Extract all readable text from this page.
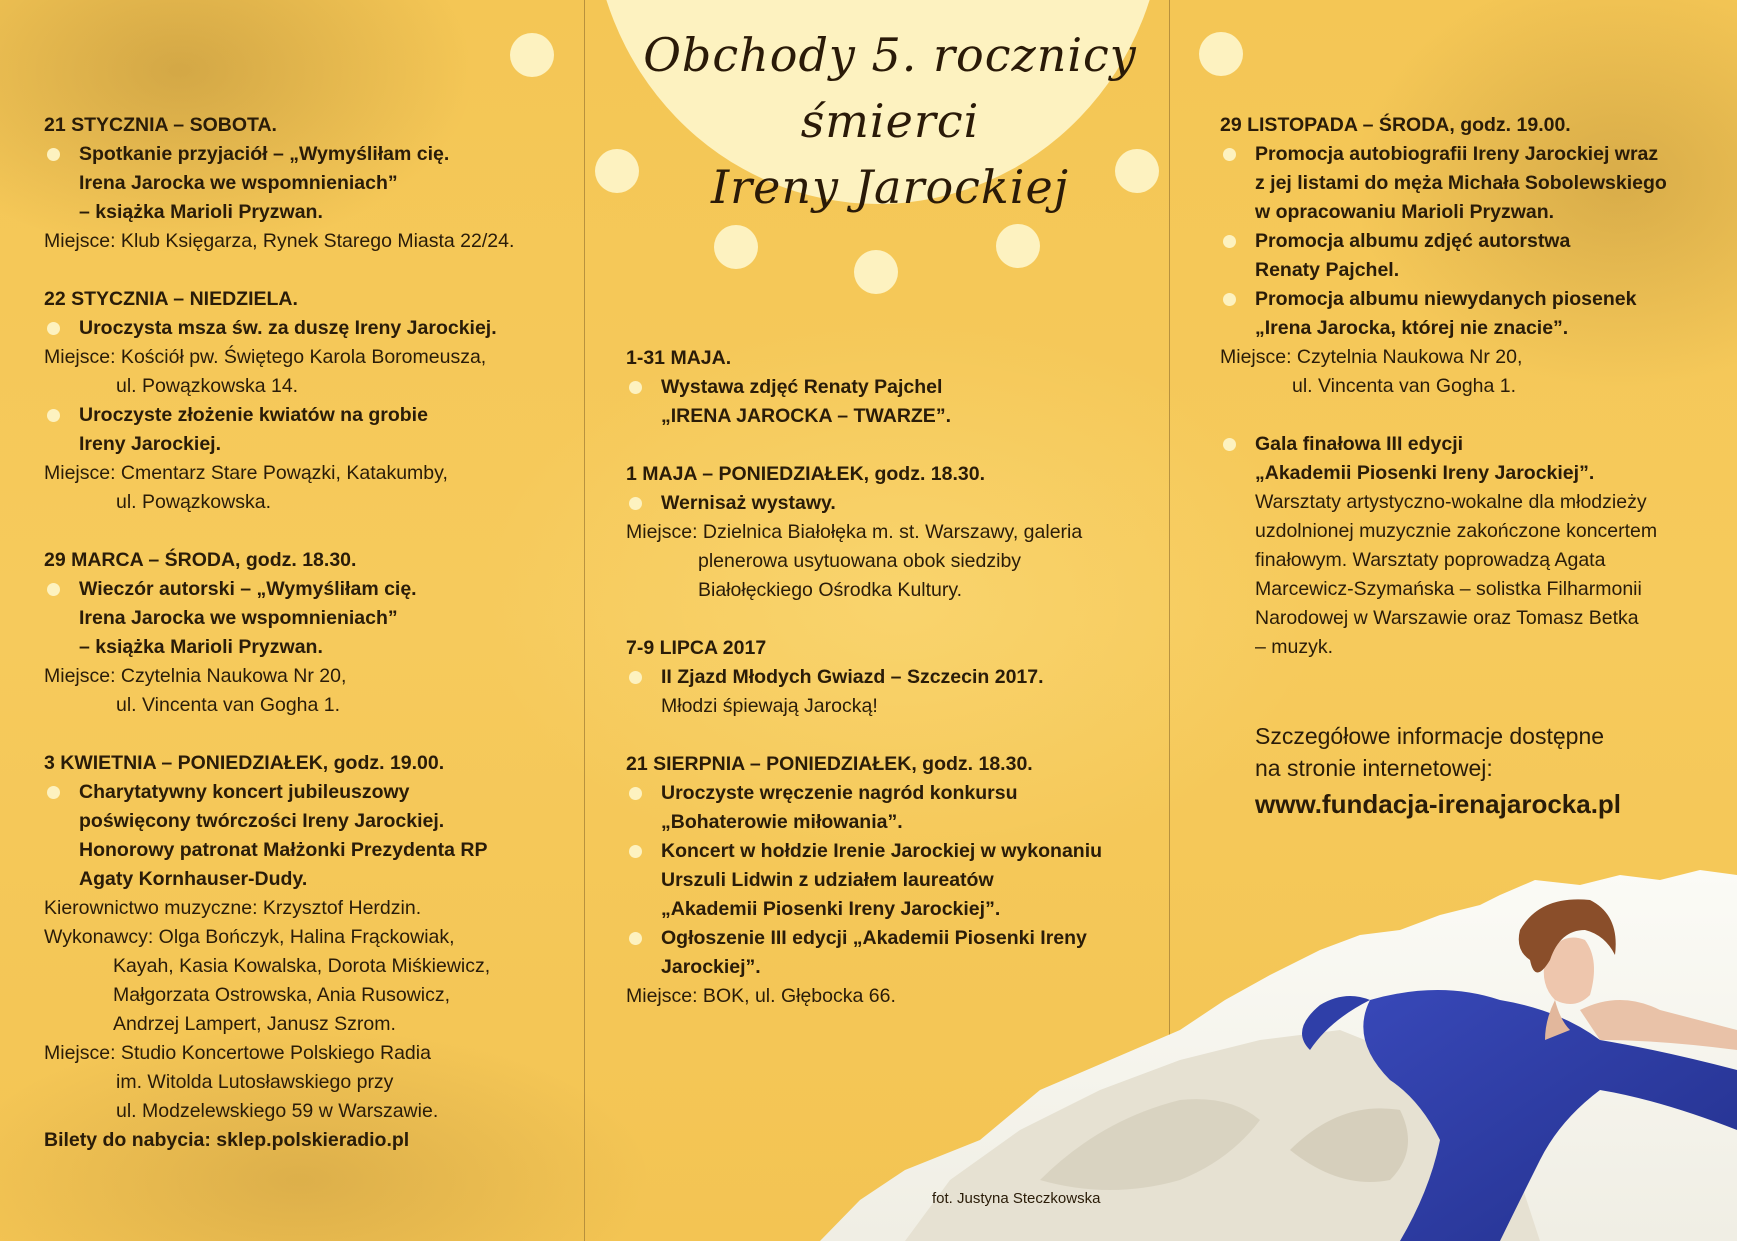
Obchody 5. rocznicy śmierci
Ireny Jarockiej

21 STYCZNIA – SOBOTA.

Spotkanie przyjaciół – „Wymyśliłam cię.

Irena Jarocka we wspomnieniach”

– książka Marioli Pryzwan.

Miejsce: Klub Księgarza, Rynek Starego Miasta 22/24.

22 STYCZNIA – NIEDZIELA.

Uroczysta msza św. za duszę Ireny Jarockiej.

Miejsce: Kościół pw. Świętego Karola Boromeusza,

ul. Powązkowska 14.

Uroczyste złożenie kwiatów na grobie

Ireny Jarockiej.

Miejsce: Cmentarz Stare Powązki, Katakumby,

ul. Powązkowska.

29 MARCA – ŚRODA, godz. 18.30.

Wieczór autorski – „Wymyśliłam cię.

Irena Jarocka we wspomnieniach”

– książka Marioli Pryzwan.

Miejsce: Czytelnia Naukowa Nr 20,

ul. Vincenta van Gogha 1.

3 KWIETNIA – PONIEDZIAŁEK, godz. 19.00.

Charytatywny koncert jubileuszowy

poświęcony twórczości Ireny Jarockiej.

Honorowy patronat Małżonki Prezydenta RP

Agaty Kornhauser-Dudy.

Kierownictwo muzyczne: Krzysztof Herdzin.

Wykonawcy: Olga Bończyk, Halina Frąckowiak,

Kayah, Kasia Kowalska, Dorota Miśkiewicz,

Małgorzata Ostrowska, Ania Rusowicz,

Andrzej Lampert, Janusz Szrom.

Miejsce: Studio Koncertowe Polskiego Radia

im. Witolda Lutosławskiego przy

ul. Modzelewskiego 59 w Warszawie.

Bilety do nabycia: sklep.polskieradio.pl

1-31 MAJA.

Wystawa zdjęć Renaty Pajchel

„IRENA JAROCKA – TWARZE”.

1 MAJA – PONIEDZIAŁEK, godz. 18.30.

Wernisaż wystawy.

Miejsce: Dzielnica Białołęka m. st. Warszawy, galeria

plenerowa usytuowana obok siedziby

Białołęckiego Ośrodka Kultury.

7-9 LIPCA 2017

II Zjazd Młodych Gwiazd – Szczecin 2017.

Młodzi śpiewają Jarocką!

21 SIERPNIA – PONIEDZIAŁEK, godz. 18.30.

Uroczyste wręczenie nagród konkursu

„Bohaterowie miłowania”.

Koncert w hołdzie Irenie Jarockiej w wykonaniu

Urszuli Lidwin z udziałem laureatów

„Akademii Piosenki Ireny Jarockiej”.

Ogłoszenie III edycji „Akademii Piosenki Ireny

Jarockiej”.

Miejsce: BOK, ul. Głębocka 66.

29 LISTOPADA – ŚRODA, godz. 19.00.

Promocja autobiografii Ireny Jarockiej wraz

z jej listami do męża Michała Sobolewskiego

w opracowaniu Marioli Pryzwan.

Promocja albumu zdjęć autorstwa

Renaty Pajchel.

Promocja albumu niewydanych piosenek

„Irena Jarocka, której nie znacie”.

Miejsce: Czytelnia Naukowa Nr 20,

ul. Vincenta van Gogha 1.

Gala finałowa III edycji

„Akademii Piosenki Ireny Jarockiej”.

Warsztaty artystyczno-wokalne dla młodzieży

uzdolnionej muzycznie zakończone koncertem

finałowym. Warsztaty poprowadzą Agata

Marcewicz-Szymańska – solistka Filharmonii

Narodowej w Warszawie oraz Tomasz Betka

– muzyk.

Szczegółowe informacje dostępne
na stronie internetowej:
www.fundacja-irenajarocka.pl
fot. Justyna Steczkowska
